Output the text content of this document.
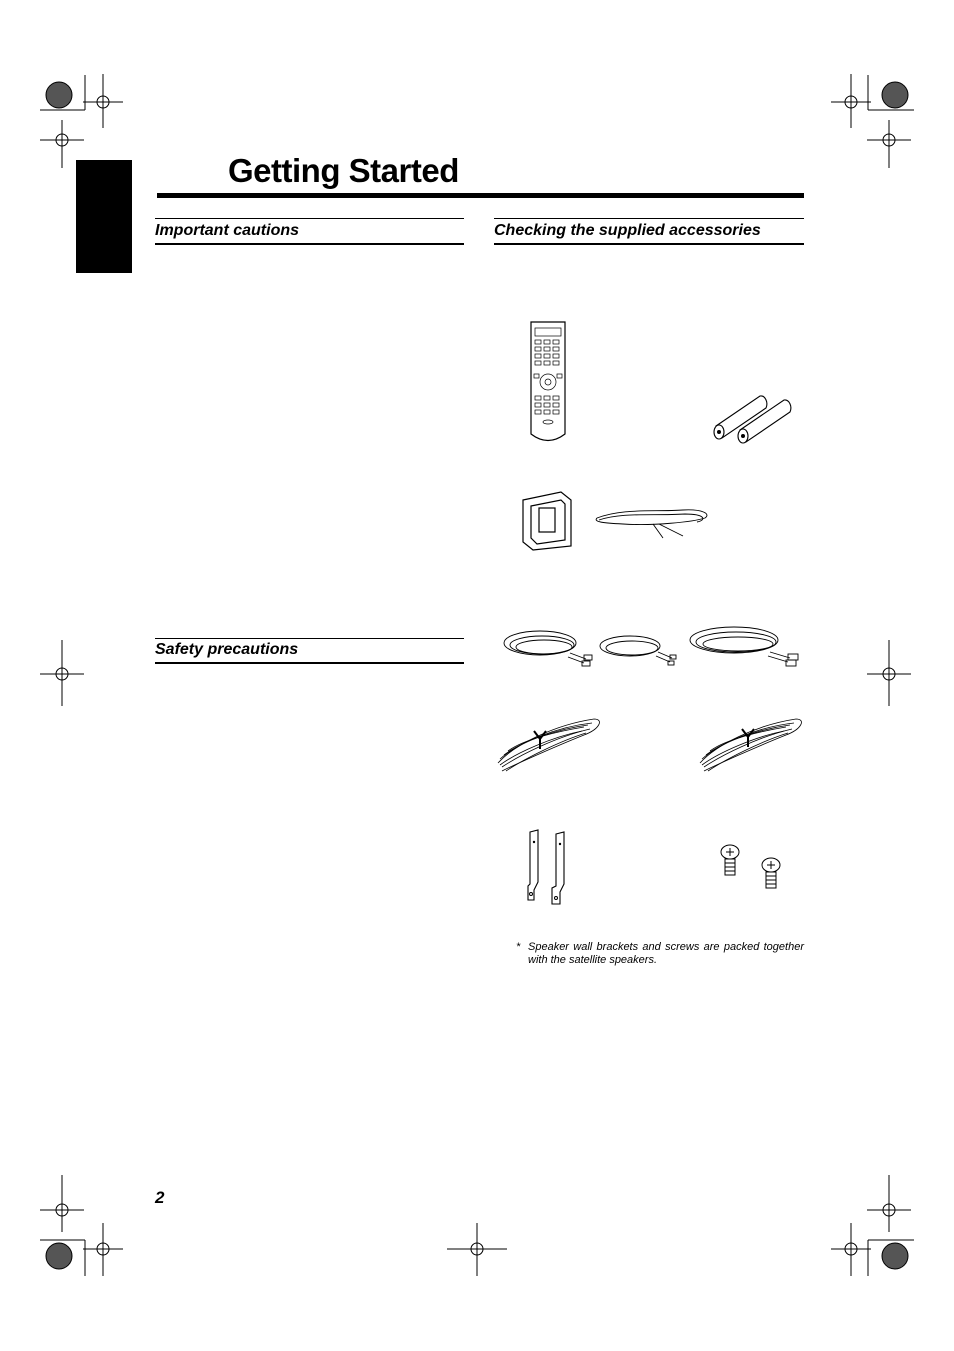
Getting Started
Important cautions	Checking the supplied accessories
Safety precautions
* Speaker wall brackets and screws are packed together with the satellite speakers.
2
